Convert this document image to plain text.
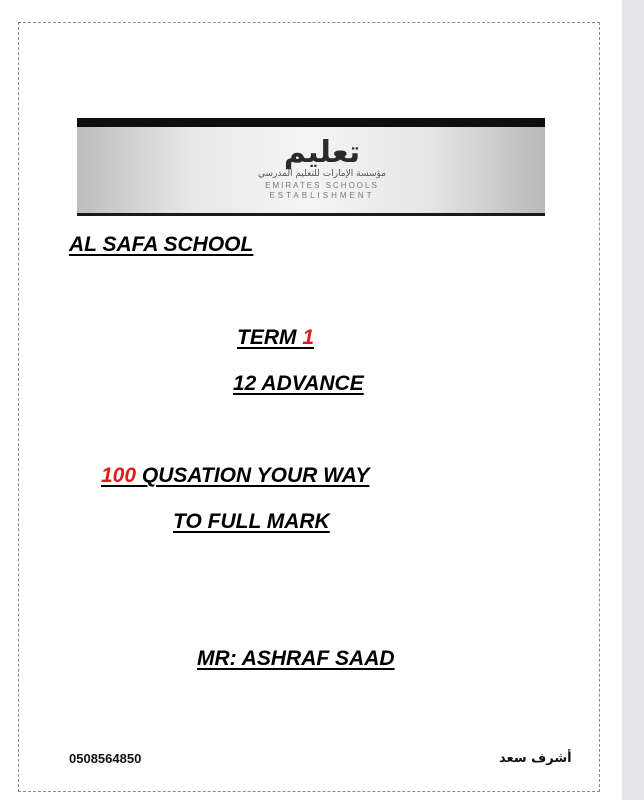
تعليم
مؤسسة الإمارات للتعليم المدرسي
EMIRATES SCHOOLS
ESTABLISHMENT
AL SAFA SCHOOL
TERM 1
12 ADVANCE
100 QUSATION YOUR WAY
TO FULL MARK
MR: ASHRAF SAAD
0508564850	أشرف سعد
